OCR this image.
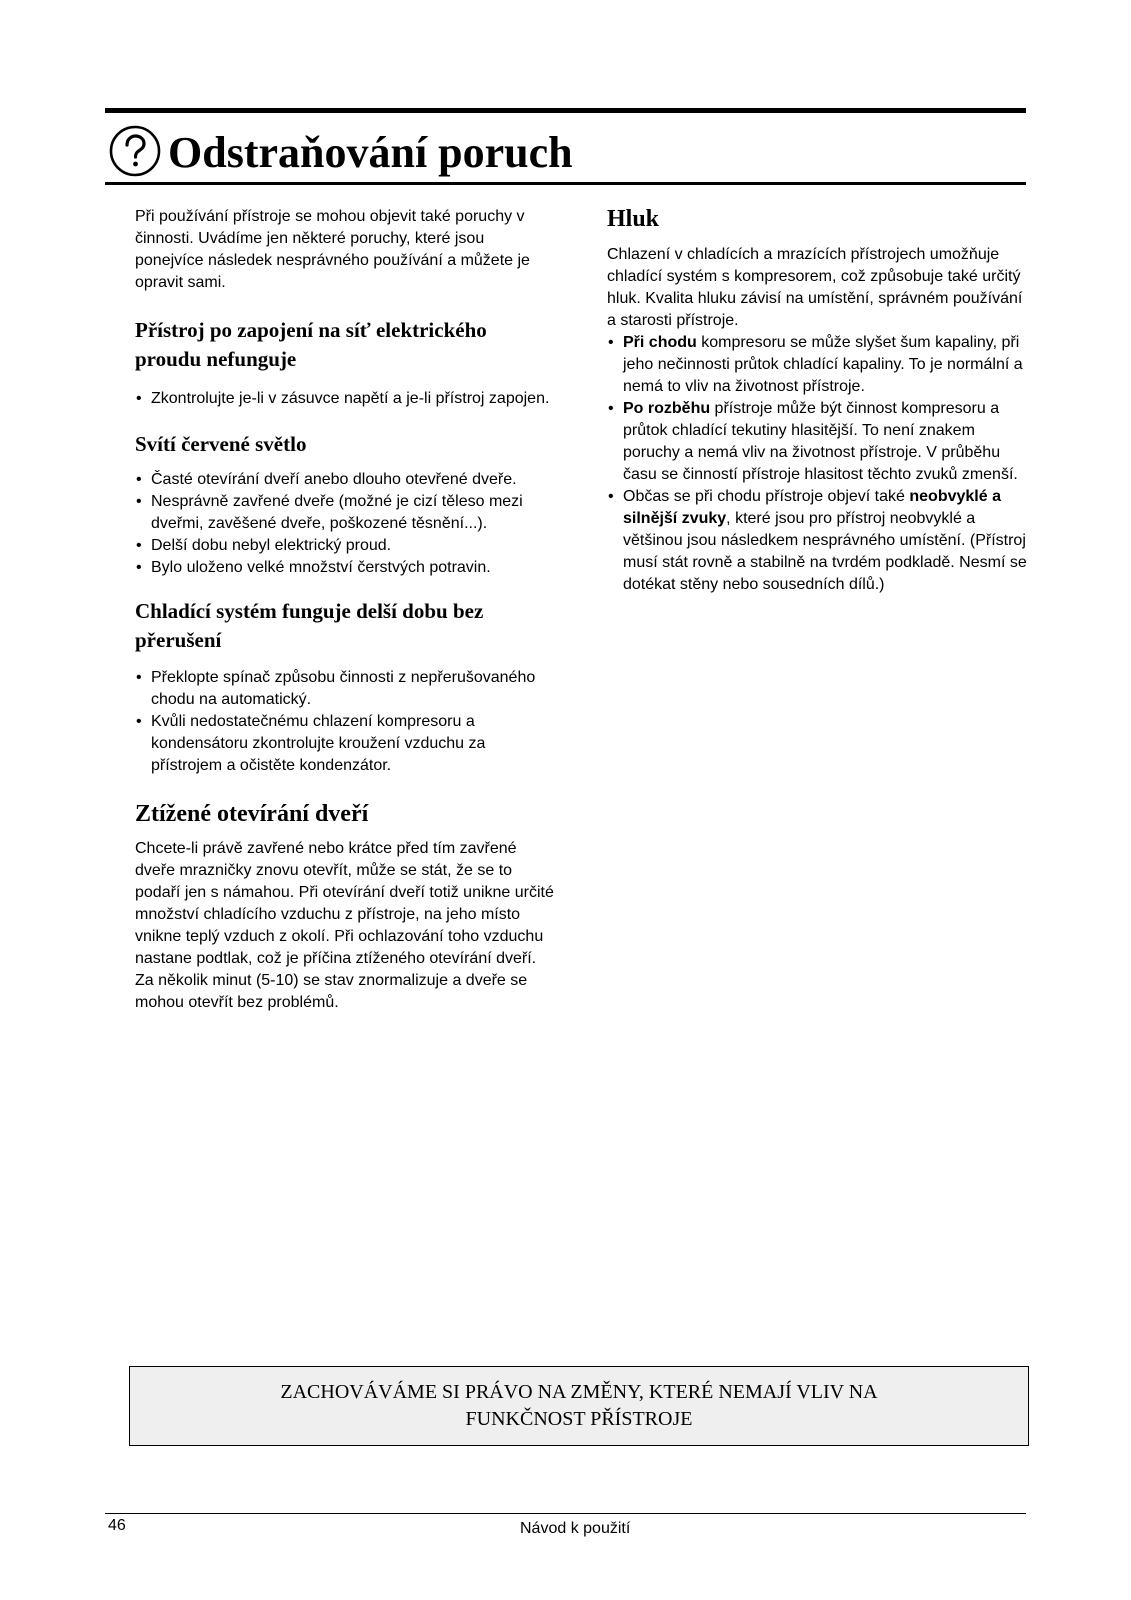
Odstraňování poruch

Při používání přístroje se mohou objevit také poruchy v činnosti. Uvádíme jen některé poruchy, které jsou ponejvíce následek nesprávného používání a můžete je opravit sami.

Přístroj po zapojení na síť elektrického proudu nefunguje
• Zkontrolujte je-li v zásuvce napětí a je-li přístroj zapojen.
Svítí červené světlo
• Časté otevírání dveří anebo dlouho otevřené dveře.
• Nesprávně zavřené dveře (možné je cizí těleso mezi dveřmi, zavěšené dveře, poškozené těsnění...).
• Delší dobu nebyl elektrický proud.
• Bylo uloženo velké množství čerstvých potravin.
Chladící systém funguje delší dobu bez přerušení
• Překlopte spínač způsobu činnosti z nepřerušovaného chodu na automatický.
• Kvůli nedostatečnému chlazení kompresoru a kondensátoru zkontrolujte kroužení vzduchu za přístrojem a očistěte kondenzátor.
Ztížené otevírání dveří

Chcete-li právě zavřené nebo krátce před tím zavřené dveře mrazničky znovu otevřít, může se stát, že se to podaří jen s námahou. Při otevírání dveří totiž unikne určité množství chladícího vzduchu z přístroje, na jeho místo vnikne teplý vzduch z okolí. Při ochlazování toho vzduchu nastane podtlak, což je příčina ztíženého otevírání dveří. Za několik minut (5-10) se stav znormalizuje a dveře se mohou otevřít bez problémů.

Hluk

Chlazení v chladících a mrazících přístrojech umožňuje chladící systém s kompresorem, což způsobuje také určitý hluk. Kvalita hluku závisí na umístění, správném používání a starosti přístroje.

• Při chodu kompresoru se může slyšet šum kapaliny, při jeho nečinnosti průtok chladící kapaliny. To je normální a nemá to vliv na životnost přístroje.
• Po rozběhu přístroje může být činnost kompresoru a průtok chladící tekutiny hlasitější. To není znakem poruchy a nemá vliv na životnost přístroje. V průběhu času se činností přístroje hlasitost těchto zvuků zmenší.
• Občas se při chodu přístroje objeví také neobvyklé a silnější zvuky, které jsou pro přístroj neobvyklé a většinou jsou následkem nesprávného umístění. (Přístroj musí stát rovně a stabilně na tvrdém podkladě. Nesmí se dotékat stěny nebo sousedních dílů.)
ZACHOVÁVÁME SI PRÁVO NA ZMĚNY, KTERÉ NEMAJÍ VLIV NA FUNKČNOST PŘÍSTROJE
46	Návod k použití
